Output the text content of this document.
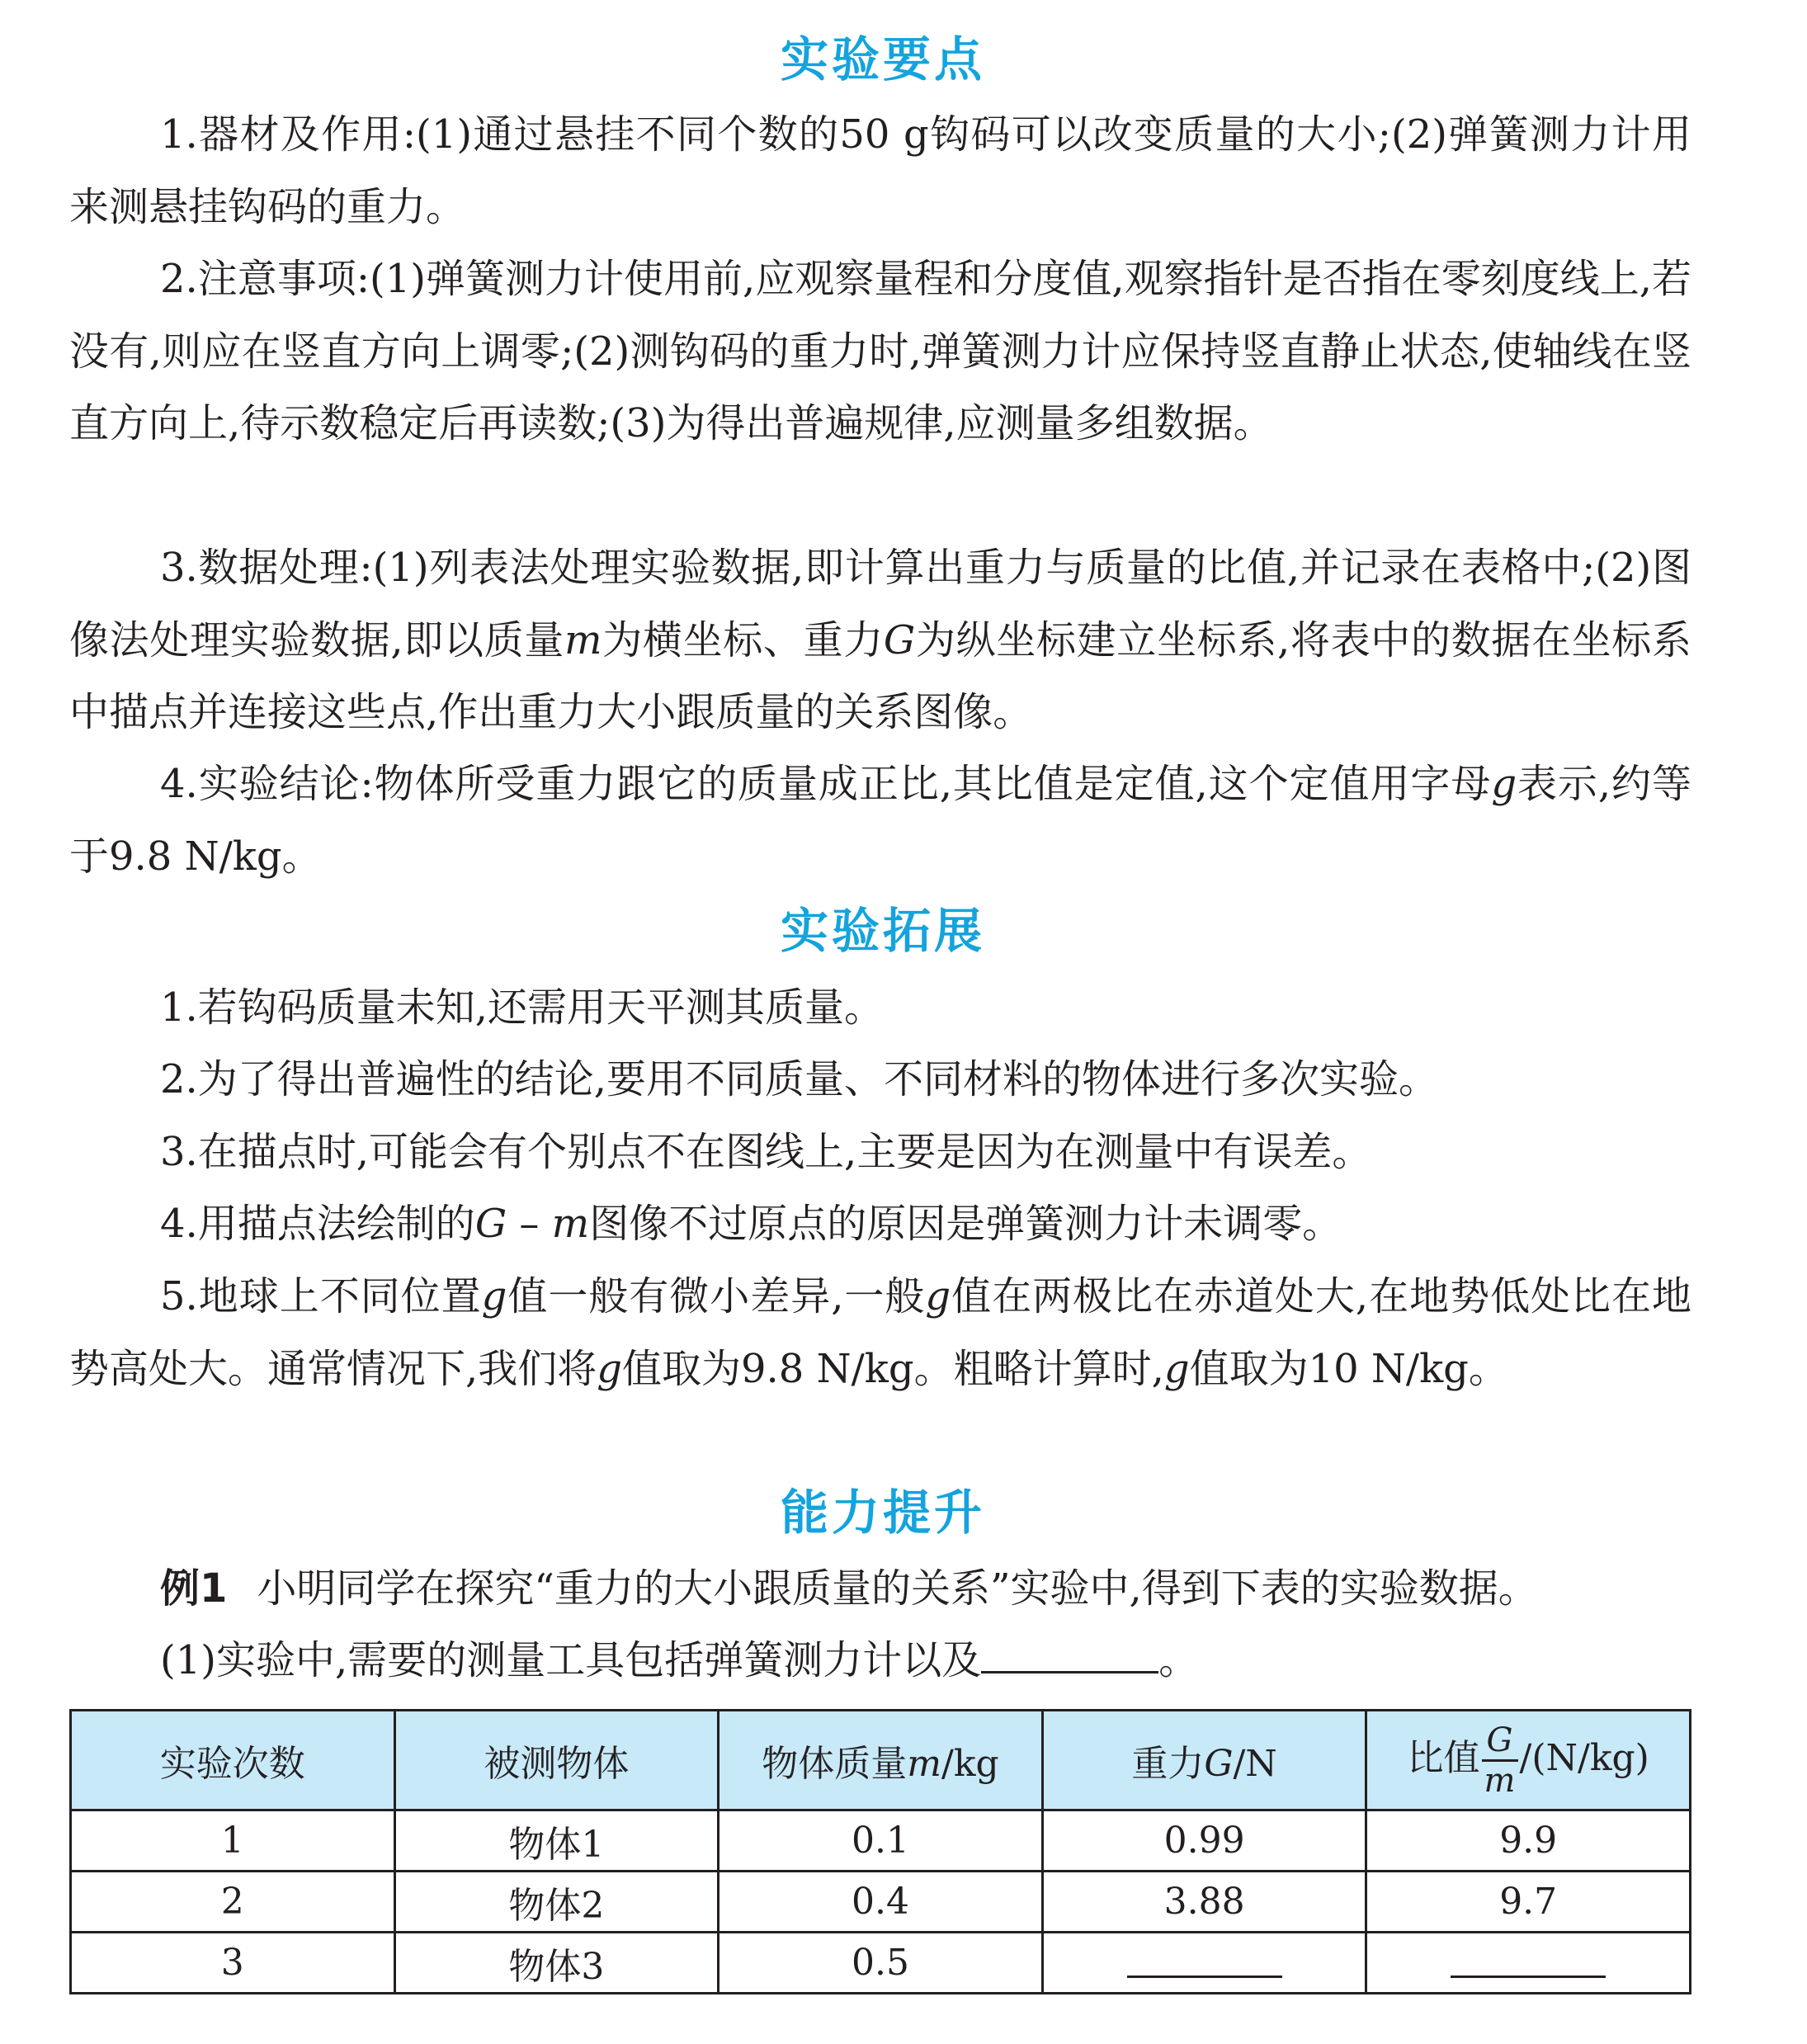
实验要点
1.器材及作用:(1)通过悬挂不同个数的50 g钩码可以改变质量的大小;(2)弹簧测力计用来测悬挂钩码的重力。
2.注意事项:(1)弹簧测力计使用前,应观察量程和分度值,观察指针是否指在零刻度线上,若没有,则应在竖直方向上调零;(2)测钩码的重力时,弹簧测力计应保持竖直静止状态,使轴线在竖直方向上,待示数稳定后再读数;(3)为得出普遍规律,应测量多组数据。
3.数据处理:(1)列表法处理实验数据,即计算出重力与质量的比值,并记录在表格中;(2)图像法处理实验数据,即以质量m为横坐标、重力G为纵坐标建立坐标系,将表中的数据在坐标系中描点并连接这些点,作出重力大小跟质量的关系图像。
4.实验结论:物体所受重力跟它的质量成正比,其比值是定值,这个定值用字母g表示,约等于9.8 N/kg。
实验拓展
1.若钩码质量未知,还需用天平测其质量。
2.为了得出普遍性的结论,要用不同质量、不同材料的物体进行多次实验。
3.在描点时,可能会有个别点不在图线上,主要是因为在测量中有误差。
4.用描点法绘制的G – m图像不过原点的原因是弹簧测力计未调零。
5.地球上不同位置g值一般有微小差异,一般g值在两极比在赤道处大,在地势低处比在地势高处大。通常情况下,我们将g值取为9.8 N/kg。粗略计算时,g值取为10 N/kg。
能力提升
例1 小明同学在探究“重力的大小跟质量的关系”实验中,得到下表的实验数据。
(1)实验中,需要的测量工具包括弹簧测力计以及	。
实验次数	被测物体	物体质量m/kg	重力G/N	比值 $\frac{G}{m} /(N/kg)$
1	物体1	0.1	0.99	9.9
2	物体2	0.4	3.88	9.7
3	物体3	0.5		
